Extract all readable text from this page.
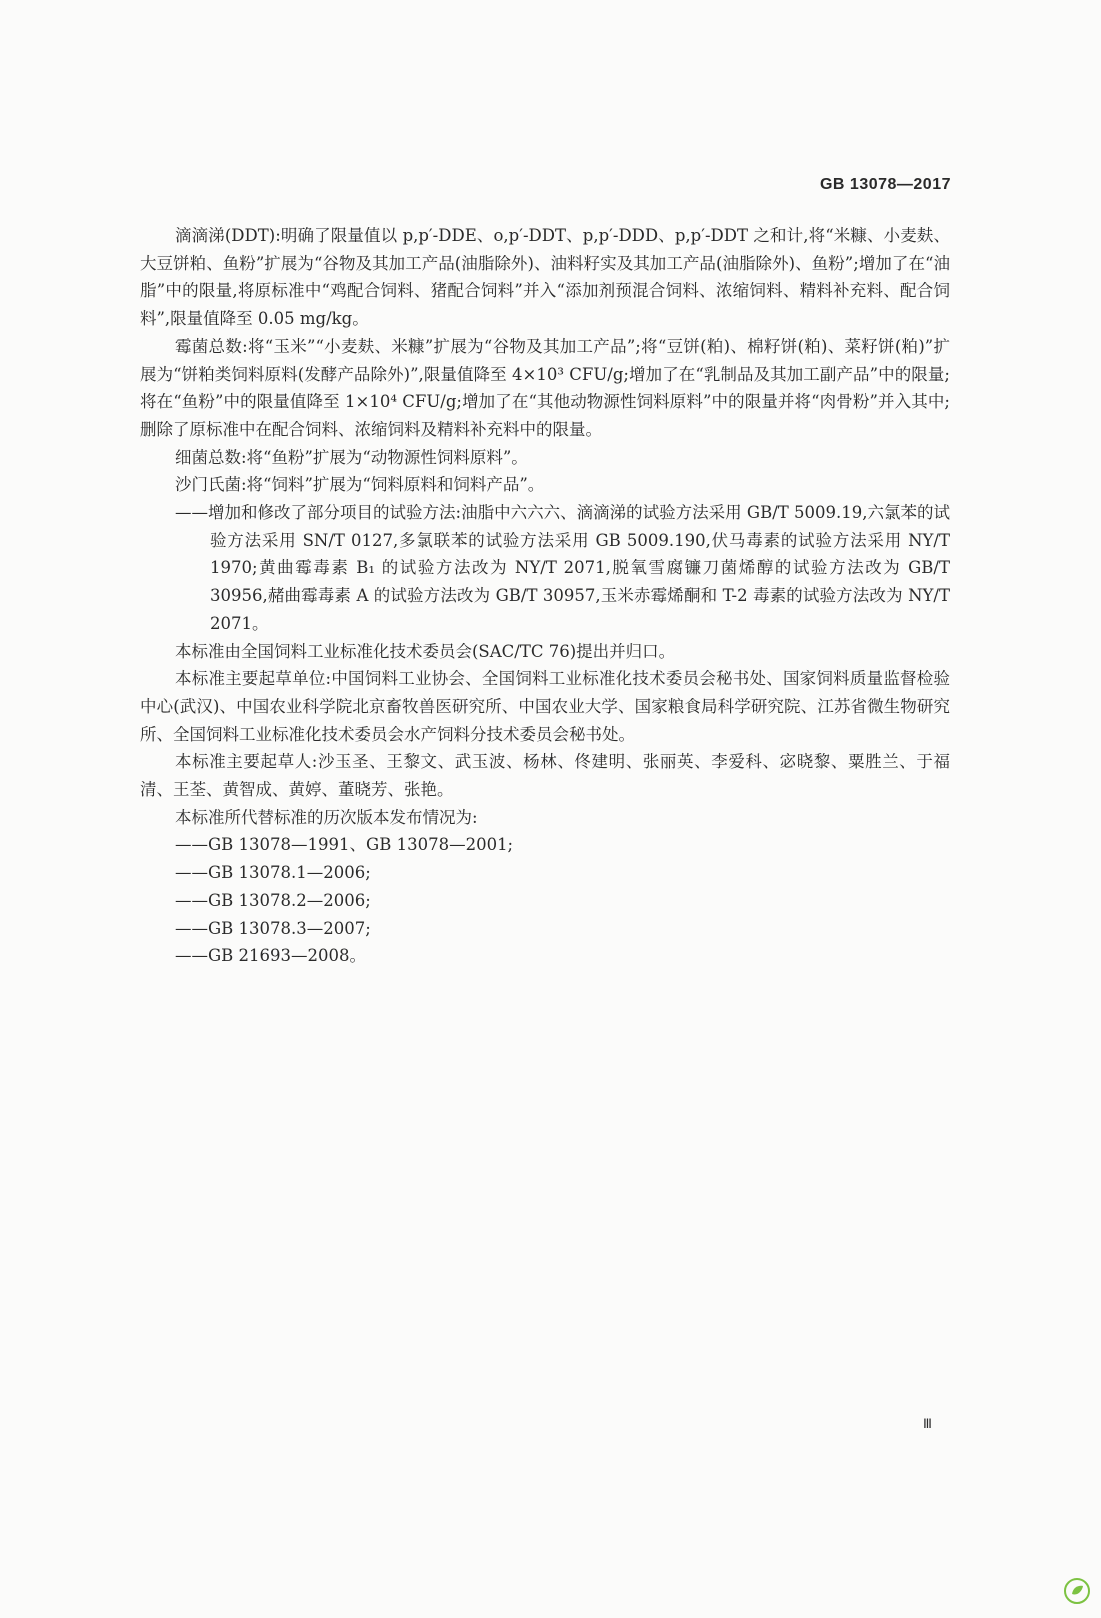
GB 13078—2017

滴滴涕(DDT):明确了限量值以 p,p′-DDE、o,p′-DDT、p,p′-DDD、p,p′-DDT 之和计,将“米糠、小麦麸、大豆饼粕、鱼粉”扩展为“谷物及其加工产品(油脂除外)、油料籽实及其加工产品(油脂除外)、鱼粉”;增加了在“油脂”中的限量,将原标准中“鸡配合饲料、猪配合饲料”并入“添加剂预混合饲料、浓缩饲料、精料补充料、配合饲料”,限量值降至 0.05 mg/kg。

霉菌总数:将“玉米”“小麦麸、米糠”扩展为“谷物及其加工产品”;将“豆饼(粕)、棉籽饼(粕)、菜籽饼(粕)”扩展为“饼粕类饲料原料(发酵产品除外)”,限量值降至 4×10³ CFU/g;增加了在“乳制品及其加工副产品”中的限量;将在“鱼粉”中的限量值降至 1×10⁴ CFU/g;增加了在“其他动物源性饲料原料”中的限量并将“肉骨粉”并入其中;删除了原标准中在配合饲料、浓缩饲料及精料补充料中的限量。

细菌总数:将“鱼粉”扩展为“动物源性饲料原料”。

沙门氏菌:将“饲料”扩展为“饲料原料和饲料产品”。

——增加和修改了部分项目的试验方法:油脂中六六六、滴滴涕的试验方法采用 GB/T 5009.19,六氯苯的试验方法采用 SN/T 0127,多氯联苯的试验方法采用 GB 5009.190,伏马毒素的试验方法采用 NY/T 1970;黄曲霉毒素 B₁ 的试验方法改为 NY/T 2071,脱氧雪腐镰刀菌烯醇的试验方法改为 GB/T 30956,赭曲霉毒素 A 的试验方法改为 GB/T 30957,玉米赤霉烯酮和 T-2 毒素的试验方法改为 NY/T 2071。

本标准由全国饲料工业标准化技术委员会(SAC/TC 76)提出并归口。

本标准主要起草单位:中国饲料工业协会、全国饲料工业标准化技术委员会秘书处、国家饲料质量监督检验中心(武汉)、中国农业科学院北京畜牧兽医研究所、中国农业大学、国家粮食局科学研究院、江苏省微生物研究所、全国饲料工业标准化技术委员会水产饲料分技术委员会秘书处。

本标准主要起草人:沙玉圣、王黎文、武玉波、杨林、佟建明、张丽英、李爱科、宓晓黎、粟胜兰、于福清、王荃、黄智成、黄婷、董晓芳、张艳。

本标准所代替标准的历次版本发布情况为:

—— GB 13078—1991、GB 13078—2001;
—— GB 13078.1—2006;
—— GB 13078.2—2006;
—— GB 13078.3—2007;
—— GB 21693—2008。
Ⅲ
